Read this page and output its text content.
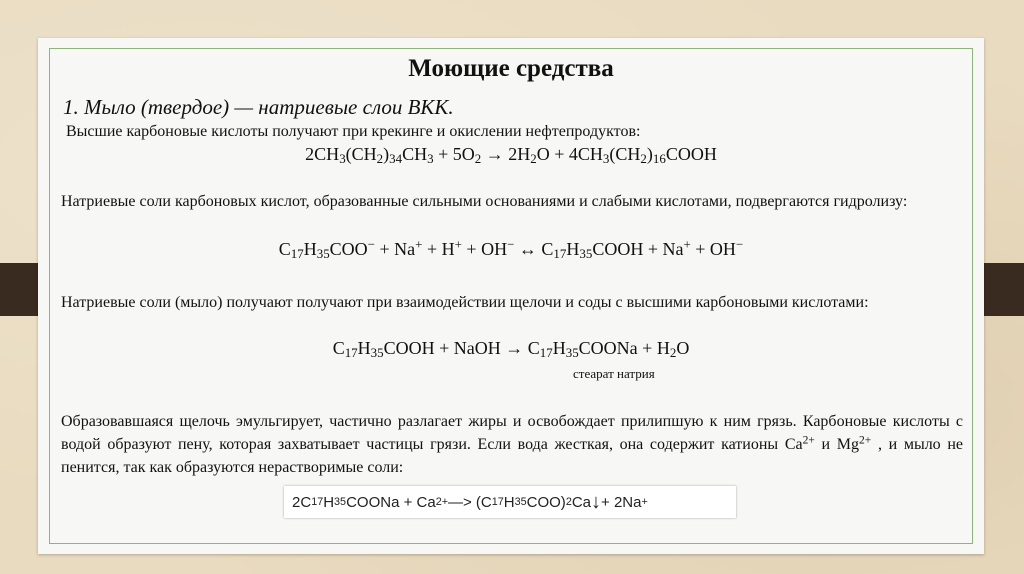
Моющие средства
1. Мыло (твердое) — натриевые слои ВКК.
Высшие карбоновые кислоты получают при крекинге и окислении нефтепродуктов:
$2CH_3(CH_2)_{34}CH_3 + 5O_2 \to 2H_2O$ + $4CH_3(CH_2)_{16}COOH$
Натриевые соли карбоновых кислот, образованные сильными основаниями и слабыми кислотами, подвергаются гидролизу:
$C_{17}H_{35}COO^- + Na^+ + H^+ + OH^-$ ↔ $C_{17}H_{35}COOH + Na^+ + OH^-$
Натриевые соли (мыло) получают получают при взаимодействии щелочи и соды с высшими карбоновыми кислотами:
$C_{17}H_{35}COOH$ + NaOH → $C_{17}H_{35}COONa + H_2O$
стеарат натрия
Образовавшаяся щелочь эмульгирует, частично разлагает жиры и освобождает прилипшую к ним грязь. Карбоновые кислоты с водой образуют пену, которая захватывает частицы грязи. Если вода жесткая, она содержит катионы $Ca^{2+}$ и $Mg^{2+}$ , и мыло не пенится, так как образуются нерастворимые соли:
2C 17 H 35 COONa + Ca 2+ —> (C 17 H 35 COO) 2 Ca ↓ + 2Na +
